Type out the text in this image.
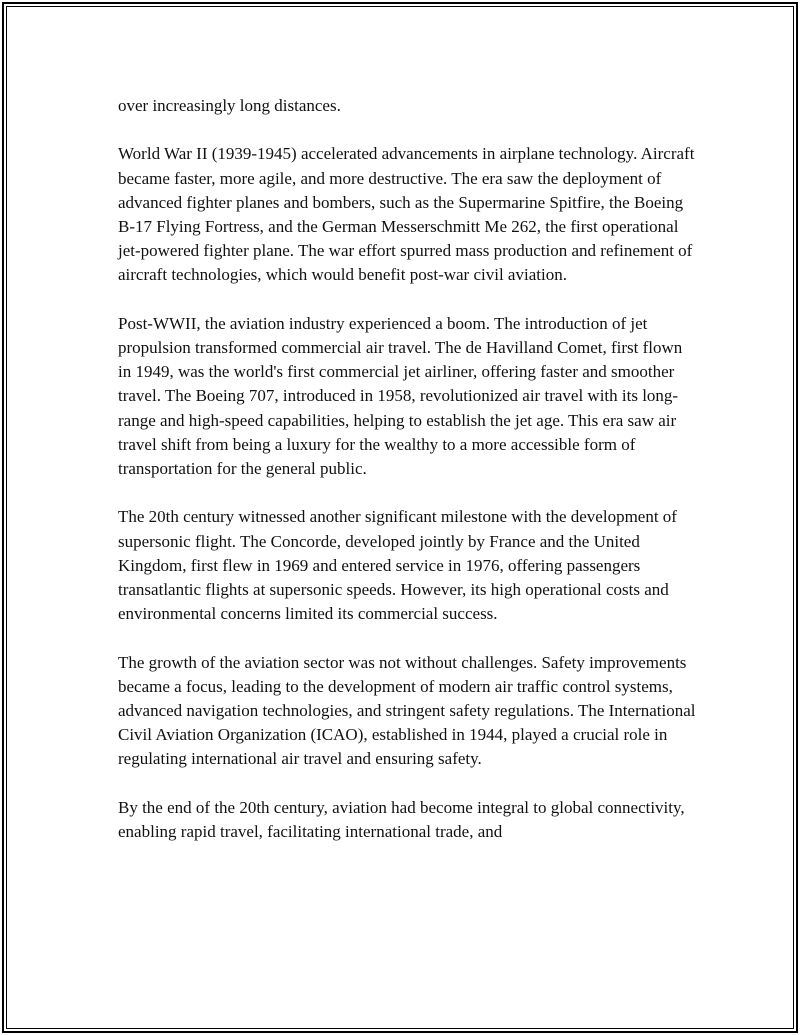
over increasingly long distances.

World War II (1939-1945) accelerated advancements in airplane technology. Aircraft became faster, more agile, and more destructive. The era saw the deployment of advanced fighter planes and bombers, such as the Supermarine Spitfire, the Boeing B-17 Flying Fortress, and the German Messerschmitt Me 262, the first operational jet-powered fighter plane. The war effort spurred mass production and refinement of aircraft technologies, which would benefit post-war civil aviation.

Post-WWII, the aviation industry experienced a boom. The introduction of jet propulsion transformed commercial air travel. The de Havilland Comet, first flown in 1949, was the world's first commercial jet airliner, offering faster and smoother travel. The Boeing 707, introduced in 1958, revolutionized air travel with its long-range and high-speed capabilities, helping to establish the jet age. This era saw air travel shift from being a luxury for the wealthy to a more accessible form of transportation for the general public.

The 20th century witnessed another significant milestone with the development of supersonic flight. The Concorde, developed jointly by France and the United Kingdom, first flew in 1969 and entered service in 1976, offering passengers transatlantic flights at supersonic speeds. However, its high operational costs and environmental concerns limited its commercial success.

The growth of the aviation sector was not without challenges. Safety improvements became a focus, leading to the development of modern air traffic control systems, advanced navigation technologies, and stringent safety regulations. The International Civil Aviation Organization (ICAO), established in 1944, played a crucial role in regulating international air travel and ensuring safety.

By the end of the 20th century, aviation had become integral to global connectivity, enabling rapid travel, facilitating international trade, and
